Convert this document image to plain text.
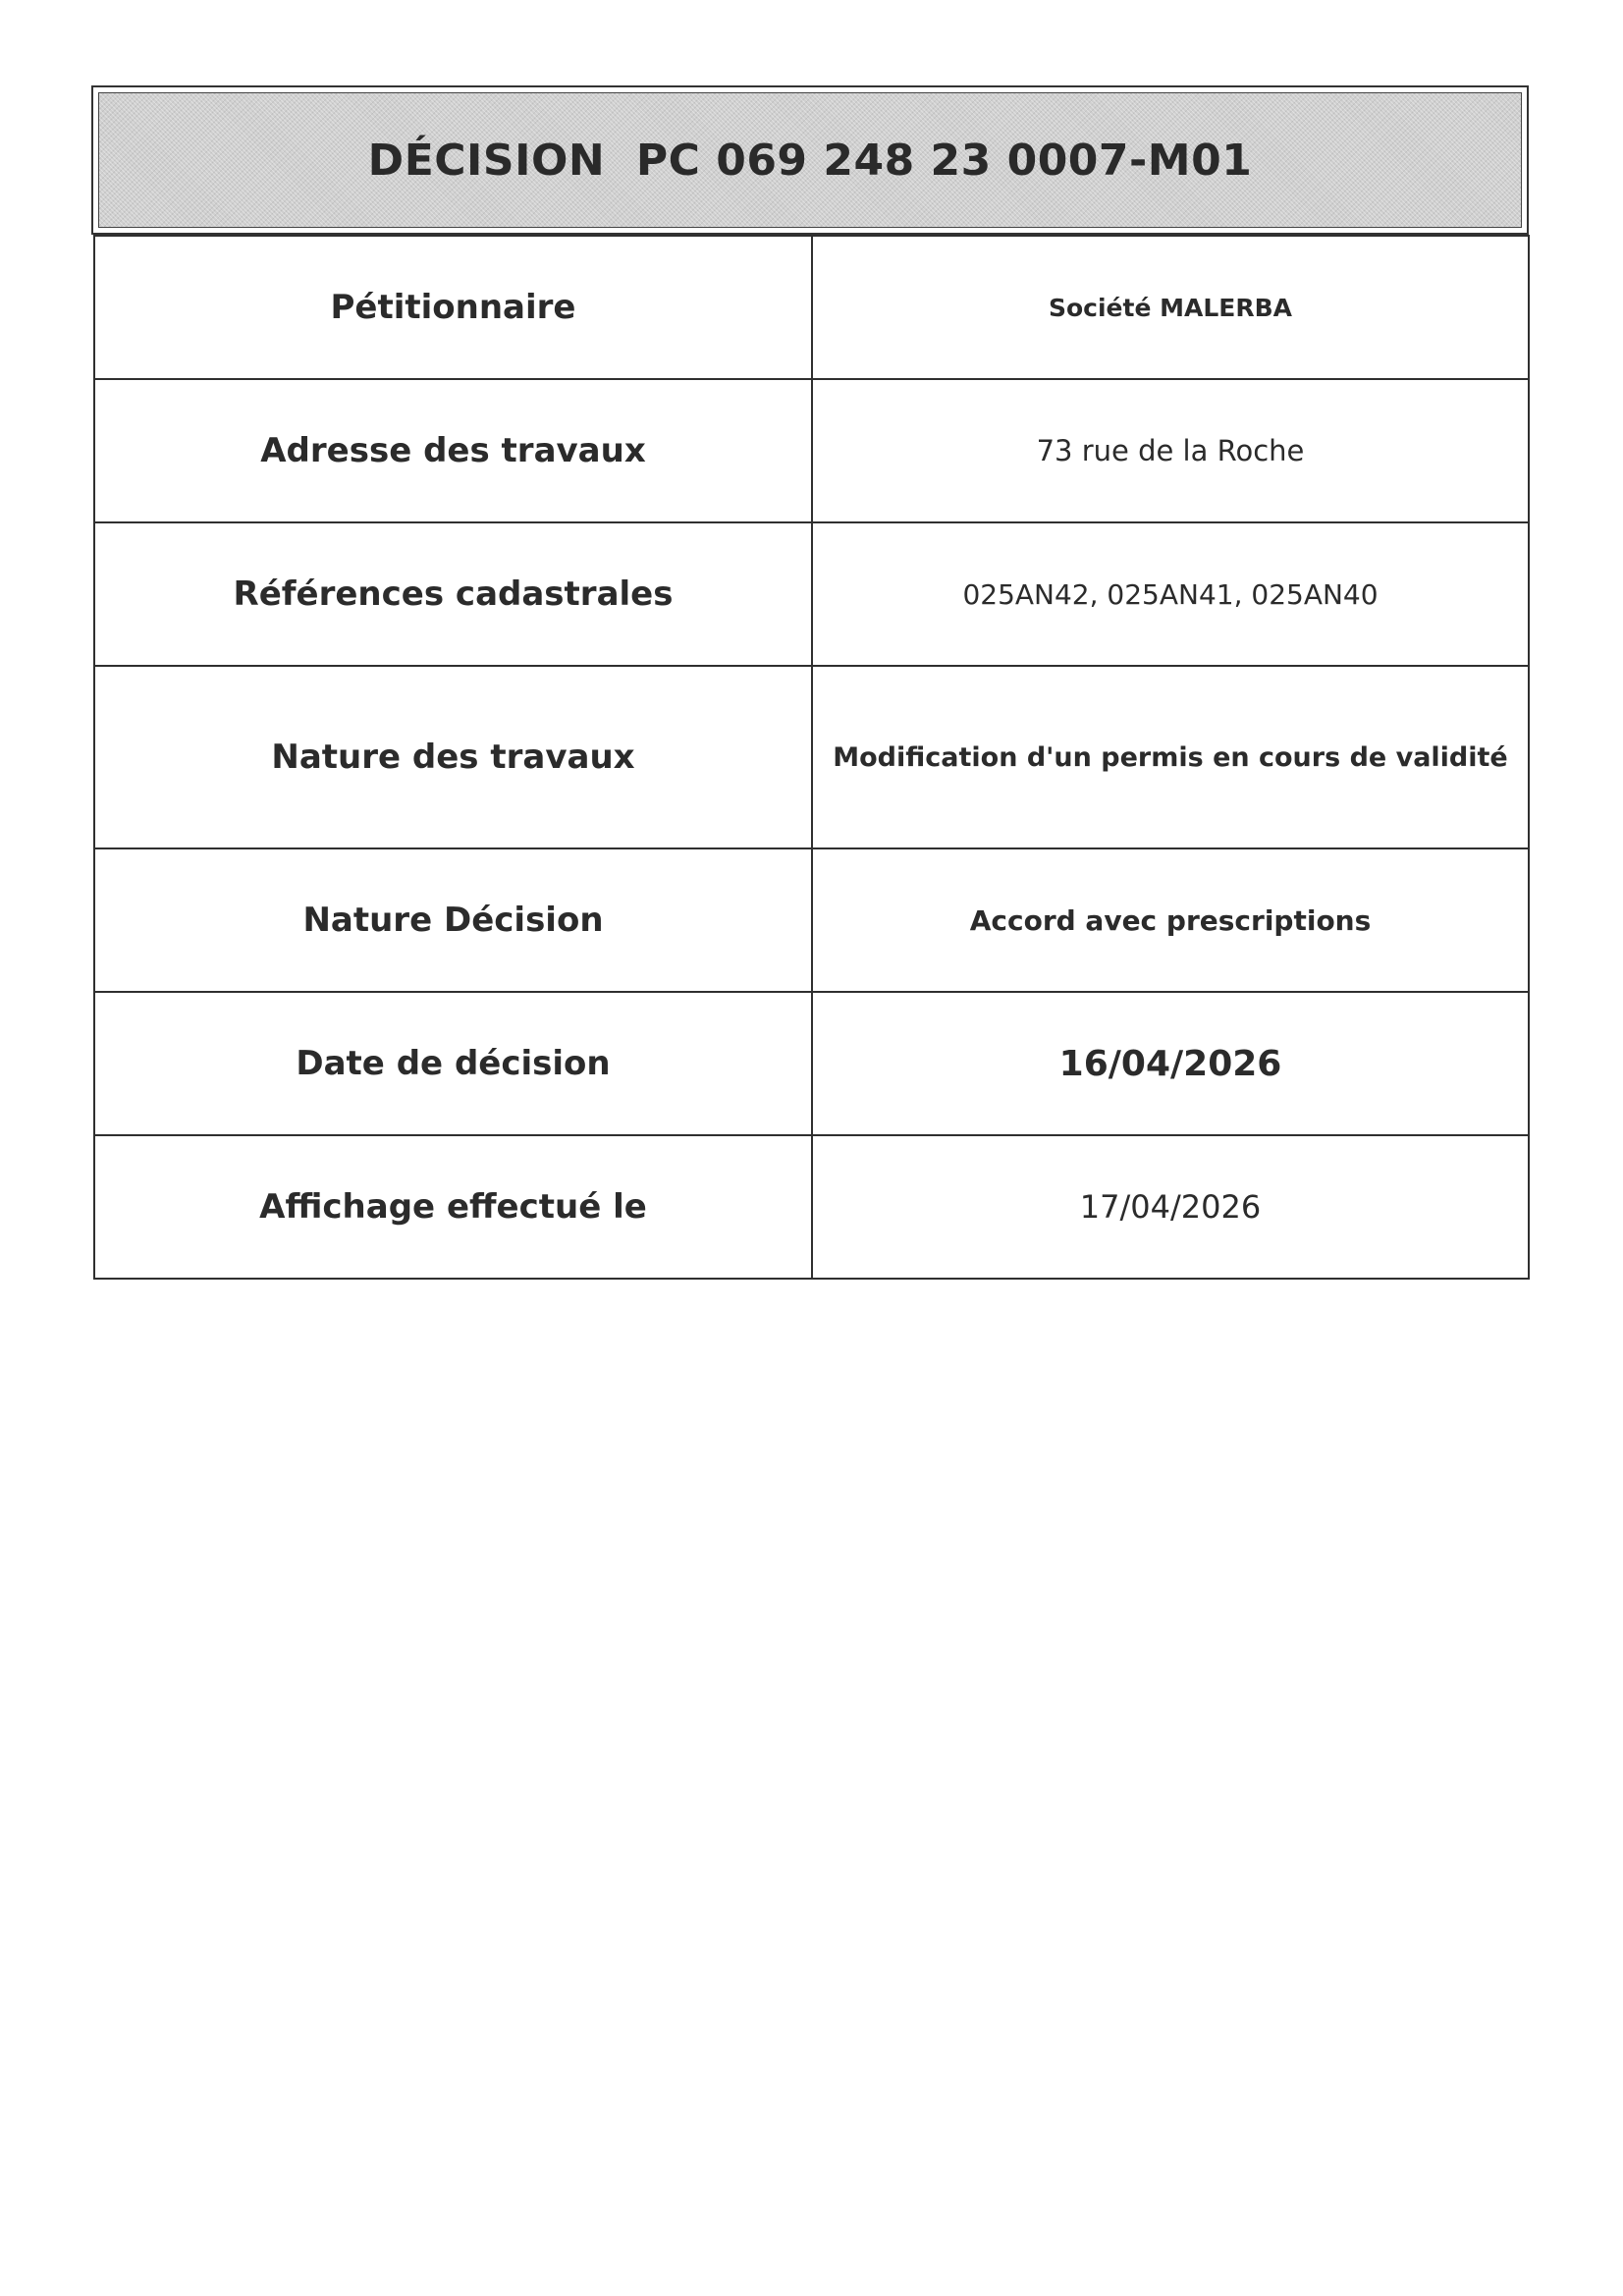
DÉCISION  PC 069 248 23 0007-M01
Pétitionnaire	Société MALERBA
Adresse des travaux	73 rue de la Roche
Références cadastrales	025AN42, 025AN41, 025AN40
Nature des travaux	Modification d'un permis en cours de validité
Nature Décision	Accord avec prescriptions
Date de décision	16/04/2026
Affichage effectué le	17/04/2026
